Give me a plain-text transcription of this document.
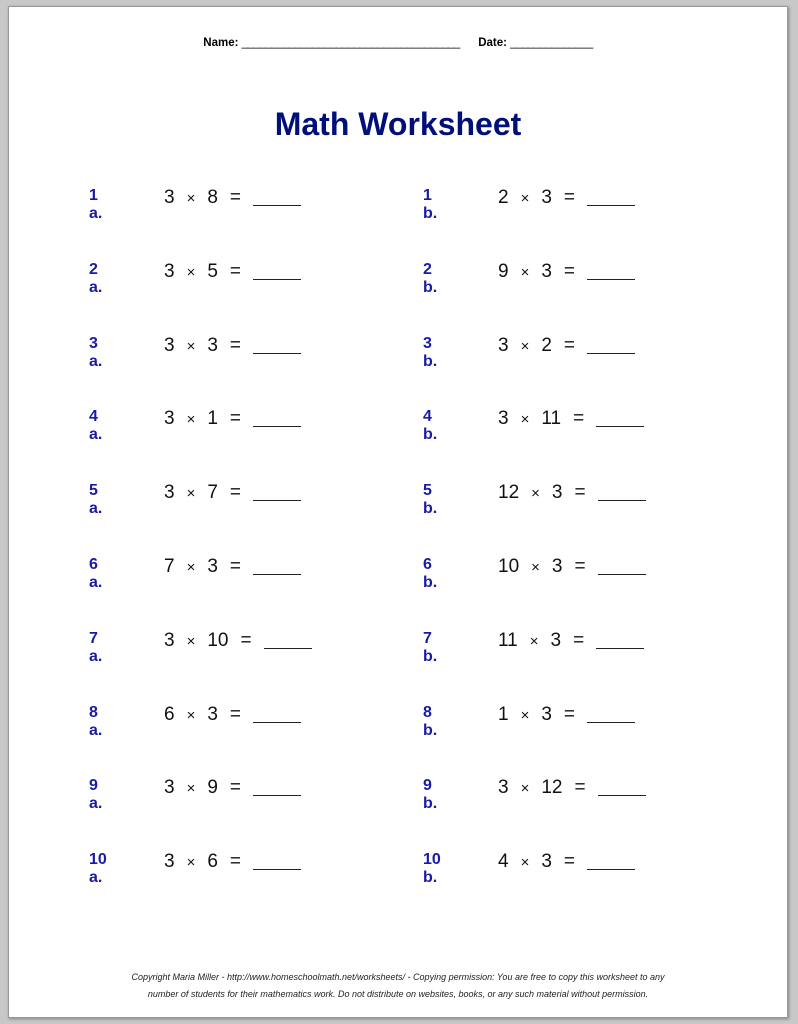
Name: _____________________________________ Date: ______________
Math Worksheet
1 a.
3 × 8 =
2 a.
3 × 5 =
3 a.
3 × 3 =
4 a.
3 × 1 =
5 a.
3 × 7 =
6 a.
7 × 3 =
7 a.
3 × 10 =
8 a.
6 × 3 =
9 a.
3 × 9 =
10 a.
3 × 6 =
1 b.
2 × 3 =
2 b.
9 × 3 =
3 b.
3 × 2 =
4 b.
3 × 11 =
5 b.
12 × 3 =
6 b.
10 × 3 =
7 b.
11 × 3 =
8 b.
1 × 3 =
9 b.
3 × 12 =
10 b.
4 × 3 =
Copyright Maria Miller - http://www.homeschoolmath.net/worksheets/ - Copying permission: You are free to copy this worksheet to any
number of students for their mathematics work. Do not distribute on websites, books, or any such material without permission.
